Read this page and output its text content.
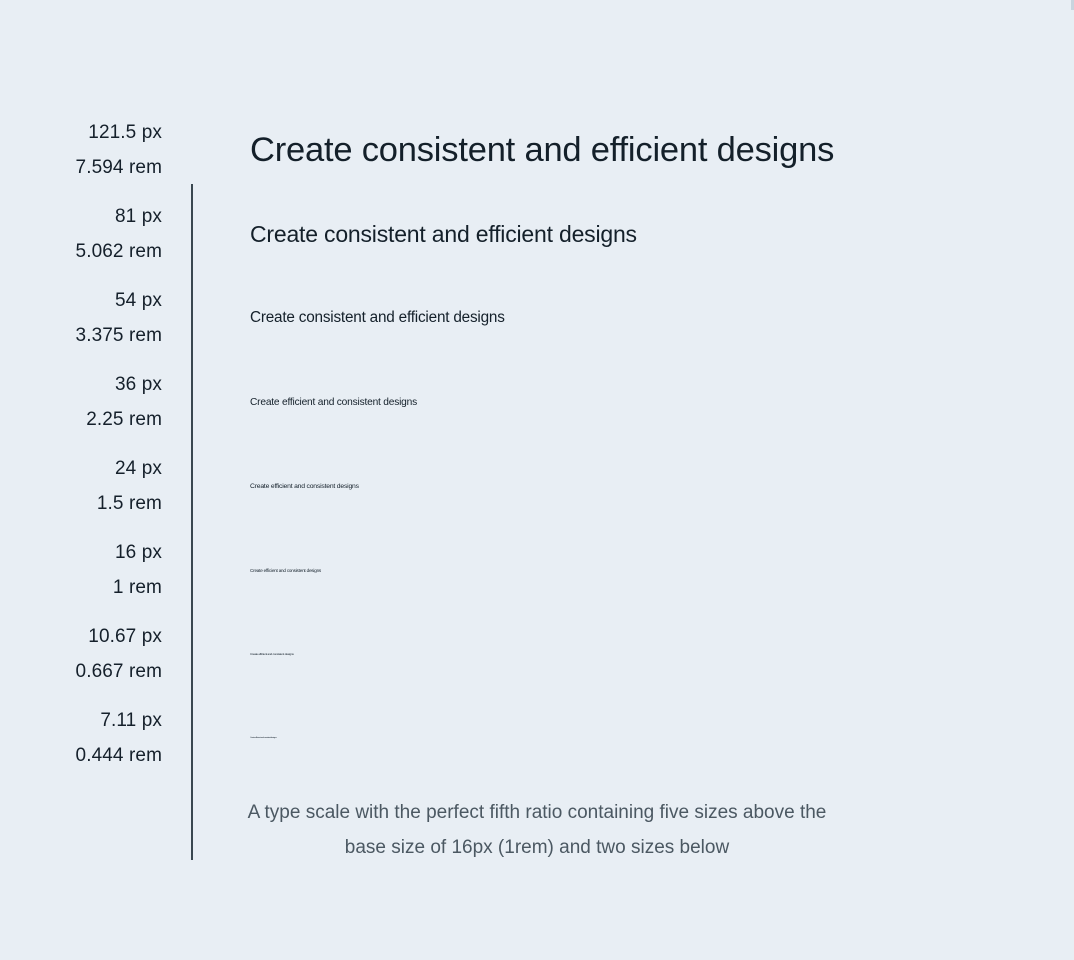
121.5 px
7.594 rem	Create consistent and efficient designs
81 px
5.062 rem
Create consistent and efficient designs
54 px
3.375 rem
Create consistent and efficient designs
36 px
2.25 rem
Create efficient and consistent designs
24 px
1.5 rem
Create efficient and consistent designs
16 px
1 rem
Create efficient and consistent designs
10.67 px
0.667 rem
Create efficient and consistent designs
7.11 px
0.444 rem
Create efficient and consistent designs
A type scale with the perfect fifth ratio containing five sizes above the
base size of 16px (1rem) and two sizes below
